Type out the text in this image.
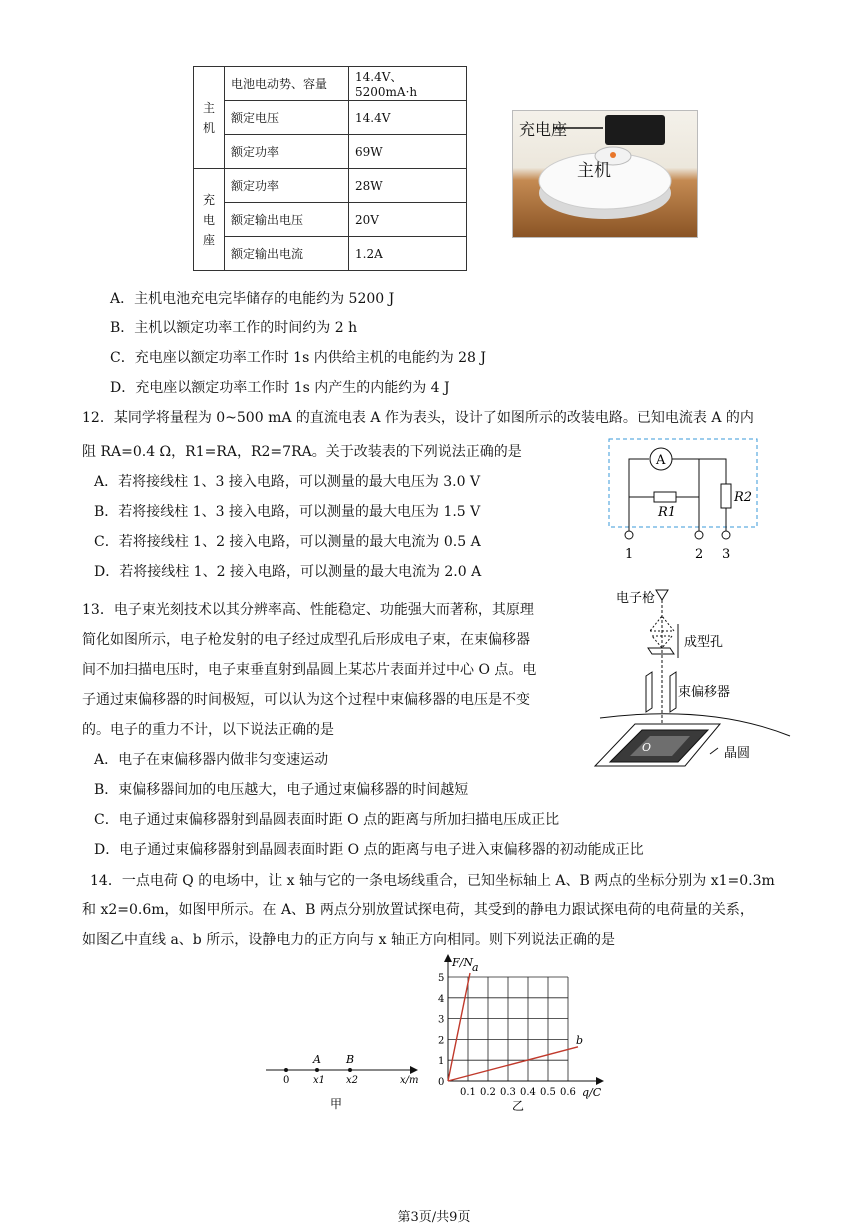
主机	电池电动势、容量	14.4V、5200mA·h
	额定电压	14.4V
	额定功率	69W
充电座	额定功率	28W
	额定输出电压	20V
	额定输出电流	1.2A
充电座
主机
A．主机电池充电完毕储存的电能约为 5200 J
B．主机以额定功率工作的时间约为 2 h
C．充电座以额定功率工作时 1s 内供给主机的电能约为 28 J
D．充电座以额定功率工作时 1s 内产生的内能约为 4 J
12．某同学将量程为 0~500 mA 的直流电表 A 作为表头，设计了如图所示的改装电路。已知电流表 A 的内
阻 RA=0.4 Ω，R1=RA，R2=7RA。关于改装表的下列说法正确的是
A．若将接线柱 1、3 接入电路，可以测量的最大电压为 3.0 V
B．若将接线柱 1、3 接入电路，可以测量的最大电压为 1.5 V
C．若将接线柱 1、2 接入电路，可以测量的最大电流为 0.5 A
D．若将接线柱 1、2 接入电路，可以测量的最大电流为 2.0 A
A
R1
R2
1	2 3
13．电子束光刻技术以其分辨率高、性能稳定、功能强大而著称，其原理
简化如图所示，电子枪发射的电子经过成型孔后形成电子束，在束偏移器
间不加扫描电压时，电子束垂直射到晶圆上某芯片表面并过中心 O 点。电
子通过束偏移器的时间极短，可以认为这个过程中束偏移器的电压是不变
的。电子的重力不计，以下说法正确的是
A．电子在束偏移器内做非匀变速运动
B．束偏移器间加的电压越大，电子通过束偏移器的时间越短
C．电子通过束偏移器射到晶圆表面时距 O 点的距离与所加扫描电压成正比
D．电子通过束偏移器射到晶圆表面时距 O 点的距离与电子进入束偏移器的初动能成正比
电子枪
成型孔
束偏移器
O	晶圆
14．一点电荷 Q 的电场中，让 x 轴与它的一条电场线重合，已知坐标轴上 A、B 两点的坐标分别为 x1=0.3m
和 x2=0.6m，如图甲所示。在 A、B 两点分别放置试探电荷，其受到的静电力跟试探电荷的电荷量的关系，
如图乙中直线 a、b 所示，设静电力的正方向与 x 轴正方向相同。则下列说法正确的是
A B
0 x1 x2	x/m
甲
F/N
q/C
0.1 0.2 0.3 0.4 0.5 0.6
0
1
2
3
4
5
a
b
乙
第3页/共9页
